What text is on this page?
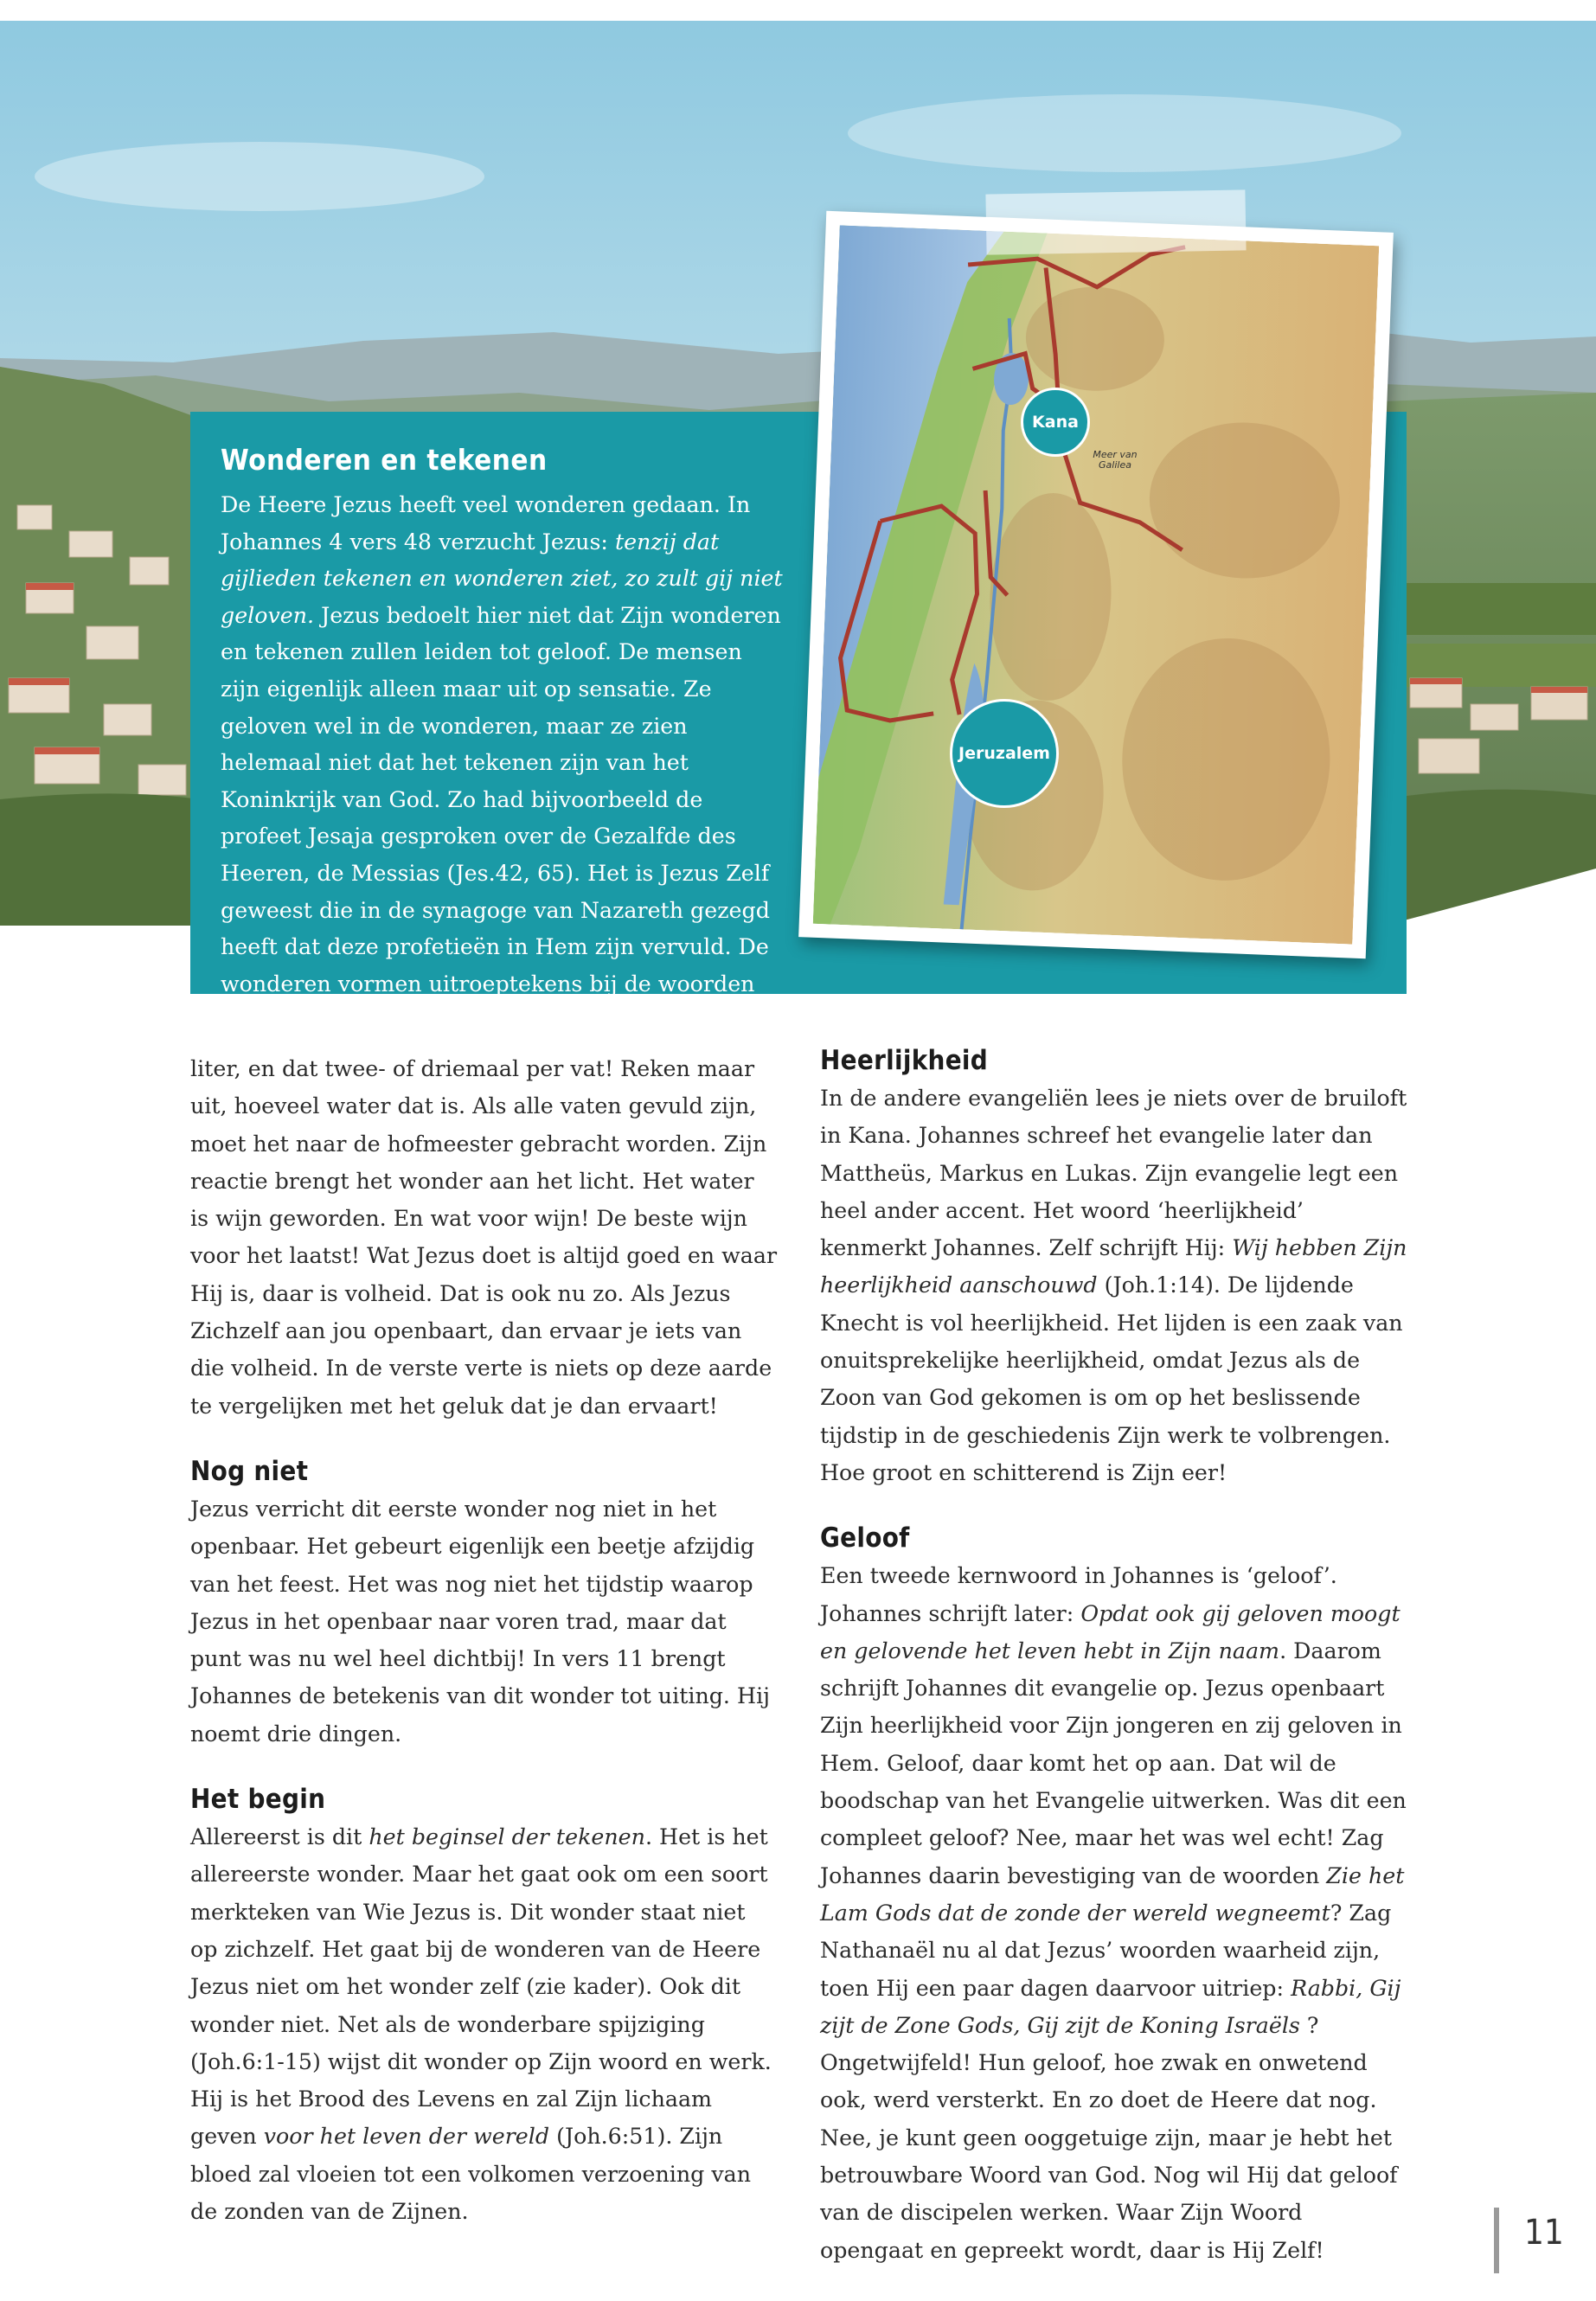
Wonderen en tekenen

De Heere Jezus heeft veel wonderen gedaan. In Johannes 4 vers 48 verzucht Jezus: tenzij dat gijlieden tekenen en wonderen ziet, zo zult gij niet geloven. Jezus bedoelt hier niet dat Zijn wonderen en tekenen zullen leiden tot geloof. De mensen zijn eigenlijk alleen maar uit op sensatie. Ze geloven wel in de wonderen, maar ze zien helemaal niet dat het tekenen zijn van het Koninkrijk van God. Zo had bijvoorbeeld de profeet Jesaja gesproken over de Gezalfde des Heeren, de Messias (Jes.42, 65). Het is Jezus Zelf geweest die in de synagoge van Nazareth gezegd heeft dat deze profetieën in Hem zijn vervuld. De wonderen vormen uitroeptekens bij de woorden van de Heiland.

Kana
Jeruzalem
Meer van Galilea

liter, en dat twee- of driemaal per vat! Reken maar uit, hoeveel water dat is. Als alle vaten gevuld zijn, moet het naar de hofmeester gebracht worden. Zijn reactie brengt het wonder aan het licht. Het water is wijn geworden. En wat voor wijn! De beste wijn voor het laatst! Wat Jezus doet is altijd goed en waar Hij is, daar is volheid. Dat is ook nu zo. Als Jezus Zichzelf aan jou openbaart, dan ervaar je iets van die volheid. In de verste verte is niets op deze aarde te vergelijken met het geluk dat je dan ervaart!

Nog niet

Jezus verricht dit eerste wonder nog niet in het openbaar. Het gebeurt eigenlijk een beetje afzijdig van het feest. Het was nog niet het tijdstip waarop Jezus in het openbaar naar voren trad, maar dat punt was nu wel heel dichtbij! In vers 11 brengt Johannes de betekenis van dit wonder tot uiting. Hij noemt drie dingen.

Het begin

Allereerst is dit het beginsel der tekenen. Het is het allereerste wonder. Maar het gaat ook om een soort merkteken van Wie Jezus is. Dit wonder staat niet op zichzelf. Het gaat bij de wonderen van de Heere Jezus niet om het wonder zelf (zie kader). Ook dit wonder niet. Net als de wonderbare spijziging (Joh.6:1-15) wijst dit wonder op Zijn woord en werk. Hij is het Brood des Levens en zal Zijn lichaam geven voor het leven der wereld (Joh.6:51). Zijn bloed zal vloeien tot een volkomen verzoening van de zonden van de Zijnen.

Heerlijkheid

In de andere evangeliën lees je niets over de bruiloft in Kana. Johannes schreef het evangelie later dan Mattheüs, Markus en Lukas. Zijn evangelie legt een heel ander accent. Het woord ‘heerlijkheid’ kenmerkt Johannes. Zelf schrijft Hij: Wij hebben Zijn heerlijkheid aanschouwd (Joh.1:14). De lijdende Knecht is vol heerlijkheid. Het lijden is een zaak van onuitsprekelijke heerlijkheid, omdat Jezus als de Zoon van God gekomen is om op het beslissende tijdstip in de geschiedenis Zijn werk te volbrengen. Hoe groot en schitterend is Zijn eer!

Geloof

Een tweede kernwoord in Johannes is ‘geloof’. Johannes schrijft later: Opdat ook gij geloven moogt en gelovende het leven hebt in Zijn naam. Daarom schrijft Johannes dit evangelie op. Jezus openbaart Zijn heerlijkheid voor Zijn jongeren en zij geloven in Hem. Geloof, daar komt het op aan. Dat wil de boodschap van het Evangelie uitwerken. Was dit een compleet geloof? Nee, maar het was wel echt! Zag Johannes daarin bevestiging van de woorden Zie het Lam Gods dat de zonde der wereld wegneemt? Zag Nathanaël nu al dat Jezus’ woorden waarheid zijn, toen Hij een paar dagen daarvoor uitriep: Rabbi, Gij zijt de Zone Gods, Gij zijt de Koning Israëls ? Ongetwijfeld! Hun geloof, hoe zwak en onwetend ook, werd versterkt. En zo doet de Heere dat nog. Nee, je kunt geen ooggetuige zijn, maar je hebt het betrouwbare Woord van God. Nog wil Hij dat geloof van de discipelen werken. Waar Zijn Woord opengaat en gepreekt wordt, daar is Hij Zelf!	11
